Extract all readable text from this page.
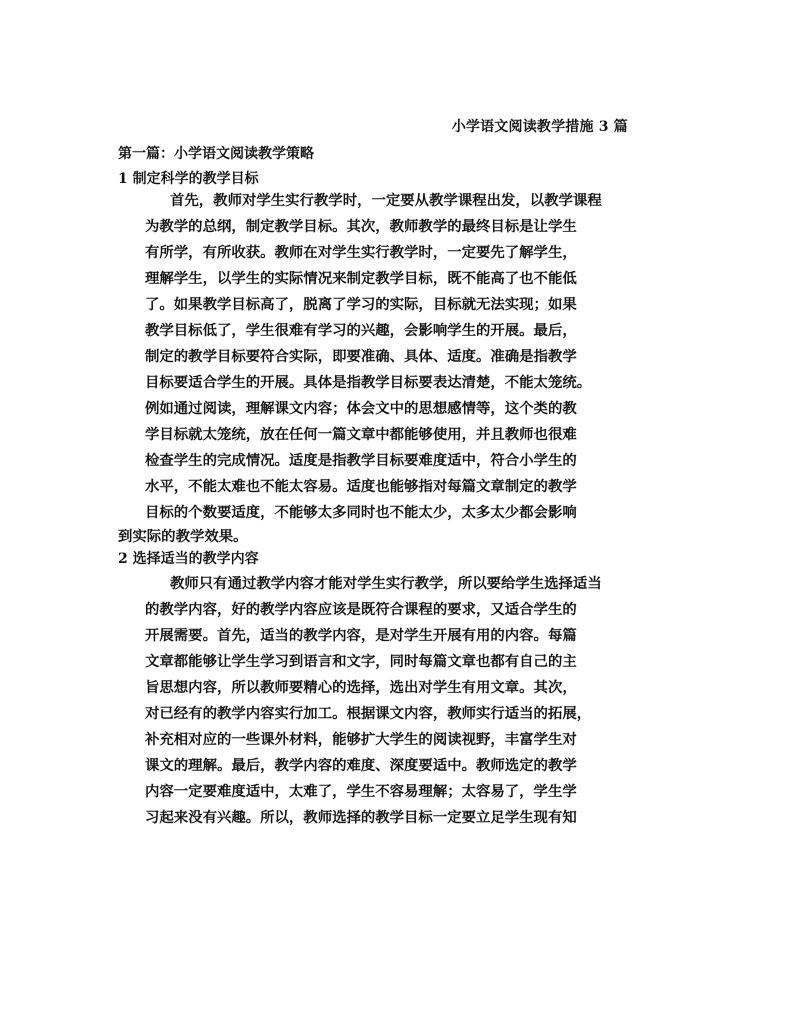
小学语文阅读教学措施 3 篇
第一篇：小学语文阅读教学策略
1 制定科学的教学目标
首先，教师对学生实行教学时，一定要从教学课程出发，以教学课程
为教学的总纲，制定教学目标。其次，教师教学的最终目标是让学生
有所学，有所收获。教师在对学生实行教学时，一定要先了解学生，
理解学生，以学生的实际情况来制定教学目标，既不能高了也不能低
了。如果教学目标高了，脱离了学习的实际，目标就无法实现；如果
教学目标低了，学生很难有学习的兴趣，会影响学生的开展。最后，
制定的教学目标要符合实际，即要准确、具体、适度。准确是指教学
目标要适合学生的开展。具体是指教学目标要表达清楚，不能太笼统。
例如通过阅读，理解课文内容；体会文中的思想感情等，这个类的教
学目标就太笼统，放在任何一篇文章中都能够使用，并且教师也很难
检查学生的完成情况。适度是指教学目标要难度适中，符合小学生的
水平，不能太难也不能太容易。适度也能够指对每篇文章制定的教学
目标的个数要适度，不能够太多同时也不能太少，太多太少都会影响
到实际的教学效果。
2 选择适当的教学内容
教师只有通过教学内容才能对学生实行教学，所以要给学生选择适当
的教学内容，好的教学内容应该是既符合课程的要求，又适合学生的
开展需要。首先，适当的教学内容，是对学生开展有用的内容。每篇
文章都能够让学生学习到语言和文字，同时每篇文章也都有自己的主
旨思想内容，所以教师要精心的选择，选出对学生有用文章。其次，
对已经有的教学内容实行加工。根据课文内容，教师实行适当的拓展，
补充相对应的一些课外材料，能够扩大学生的阅读视野，丰富学生对
课文的理解。最后，教学内容的难度、深度要适中。教师选定的教学
内容一定要难度适中，太难了，学生不容易理解；太容易了，学生学
习起来没有兴趣。所以，教师选择的教学目标一定要立足学生现有知
